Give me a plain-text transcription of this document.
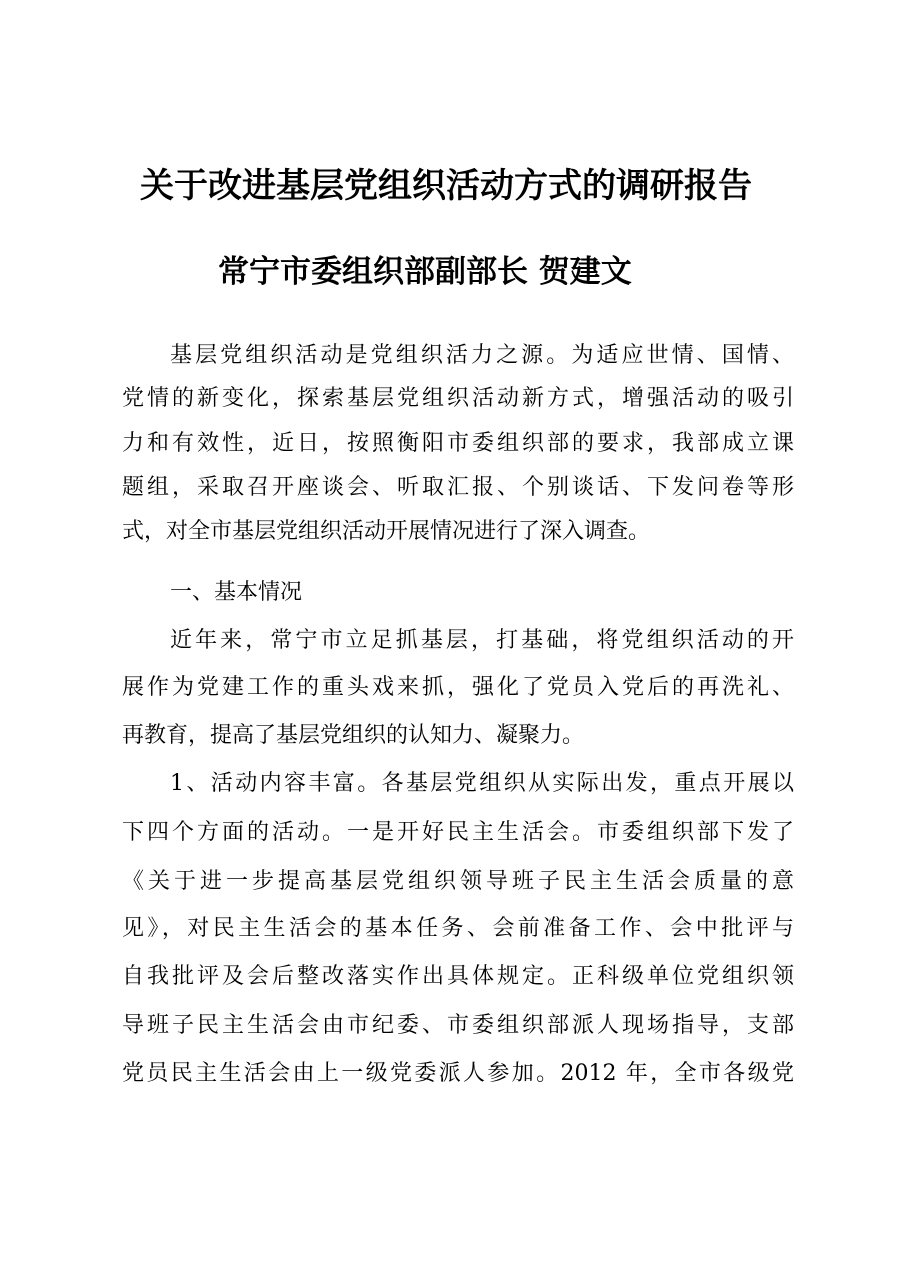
关于改进基层党组织活动方式的调研报告
常宁市委组织部副部长 贺建文
基层党组织活动是党组织活力之源。为适应世情、国情、
党情的新变化，探索基层党组织活动新方式，增强活动的吸引
力和有效性，近日，按照衡阳市委组织部的要求，我部成立课
题组，采取召开座谈会、听取汇报、个别谈话、下发问卷等形
式，对全市基层党组织活动开展情况进行了深入调查。
一、基本情况
近年来，常宁市立足抓基层，打基础，将党组织活动的开
展作为党建工作的重头戏来抓，强化了党员入党后的再洗礼、
再教育，提高了基层党组织的认知力、凝聚力。
1、活动内容丰富。各基层党组织从实际出发，重点开展以
下四个方面的活动。一是开好民主生活会。市委组织部下发了
《关于进一步提高基层党组织领导班子民主生活会质量的意
见》，对民主生活会的基本任务、会前准备工作、会中批评与
自我批评及会后整改落实作出具体规定。正科级单位党组织领
导班子民主生活会由市纪委、市委组织部派人现场指导，支部
党员民主生活会由上一级党委派人参加。2012 年，全市各级党
